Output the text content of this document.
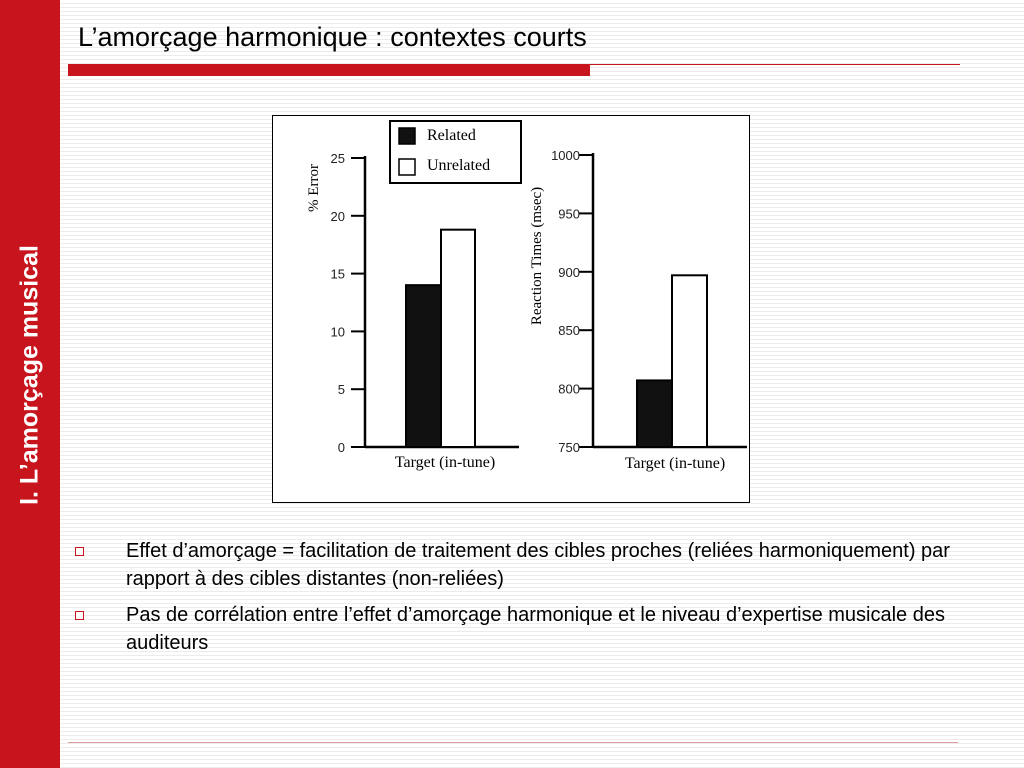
I. L’amorçage musical
L’amorçage harmonique : contextes courts
Related
Unrelated
% Error
Target (in-tune)
0
5
10
15
20
25
Reaction Times (msec)
Target (in-tune)
750
800
850
900
950
1000
Effet d’amorçage = facilitation de traitement des cibles proches (reliées harmoniquement) par rapport à des cibles distantes (non-reliées)
Pas de corrélation entre l’effet d’amorçage harmonique et le niveau d’expertise musicale des auditeurs
